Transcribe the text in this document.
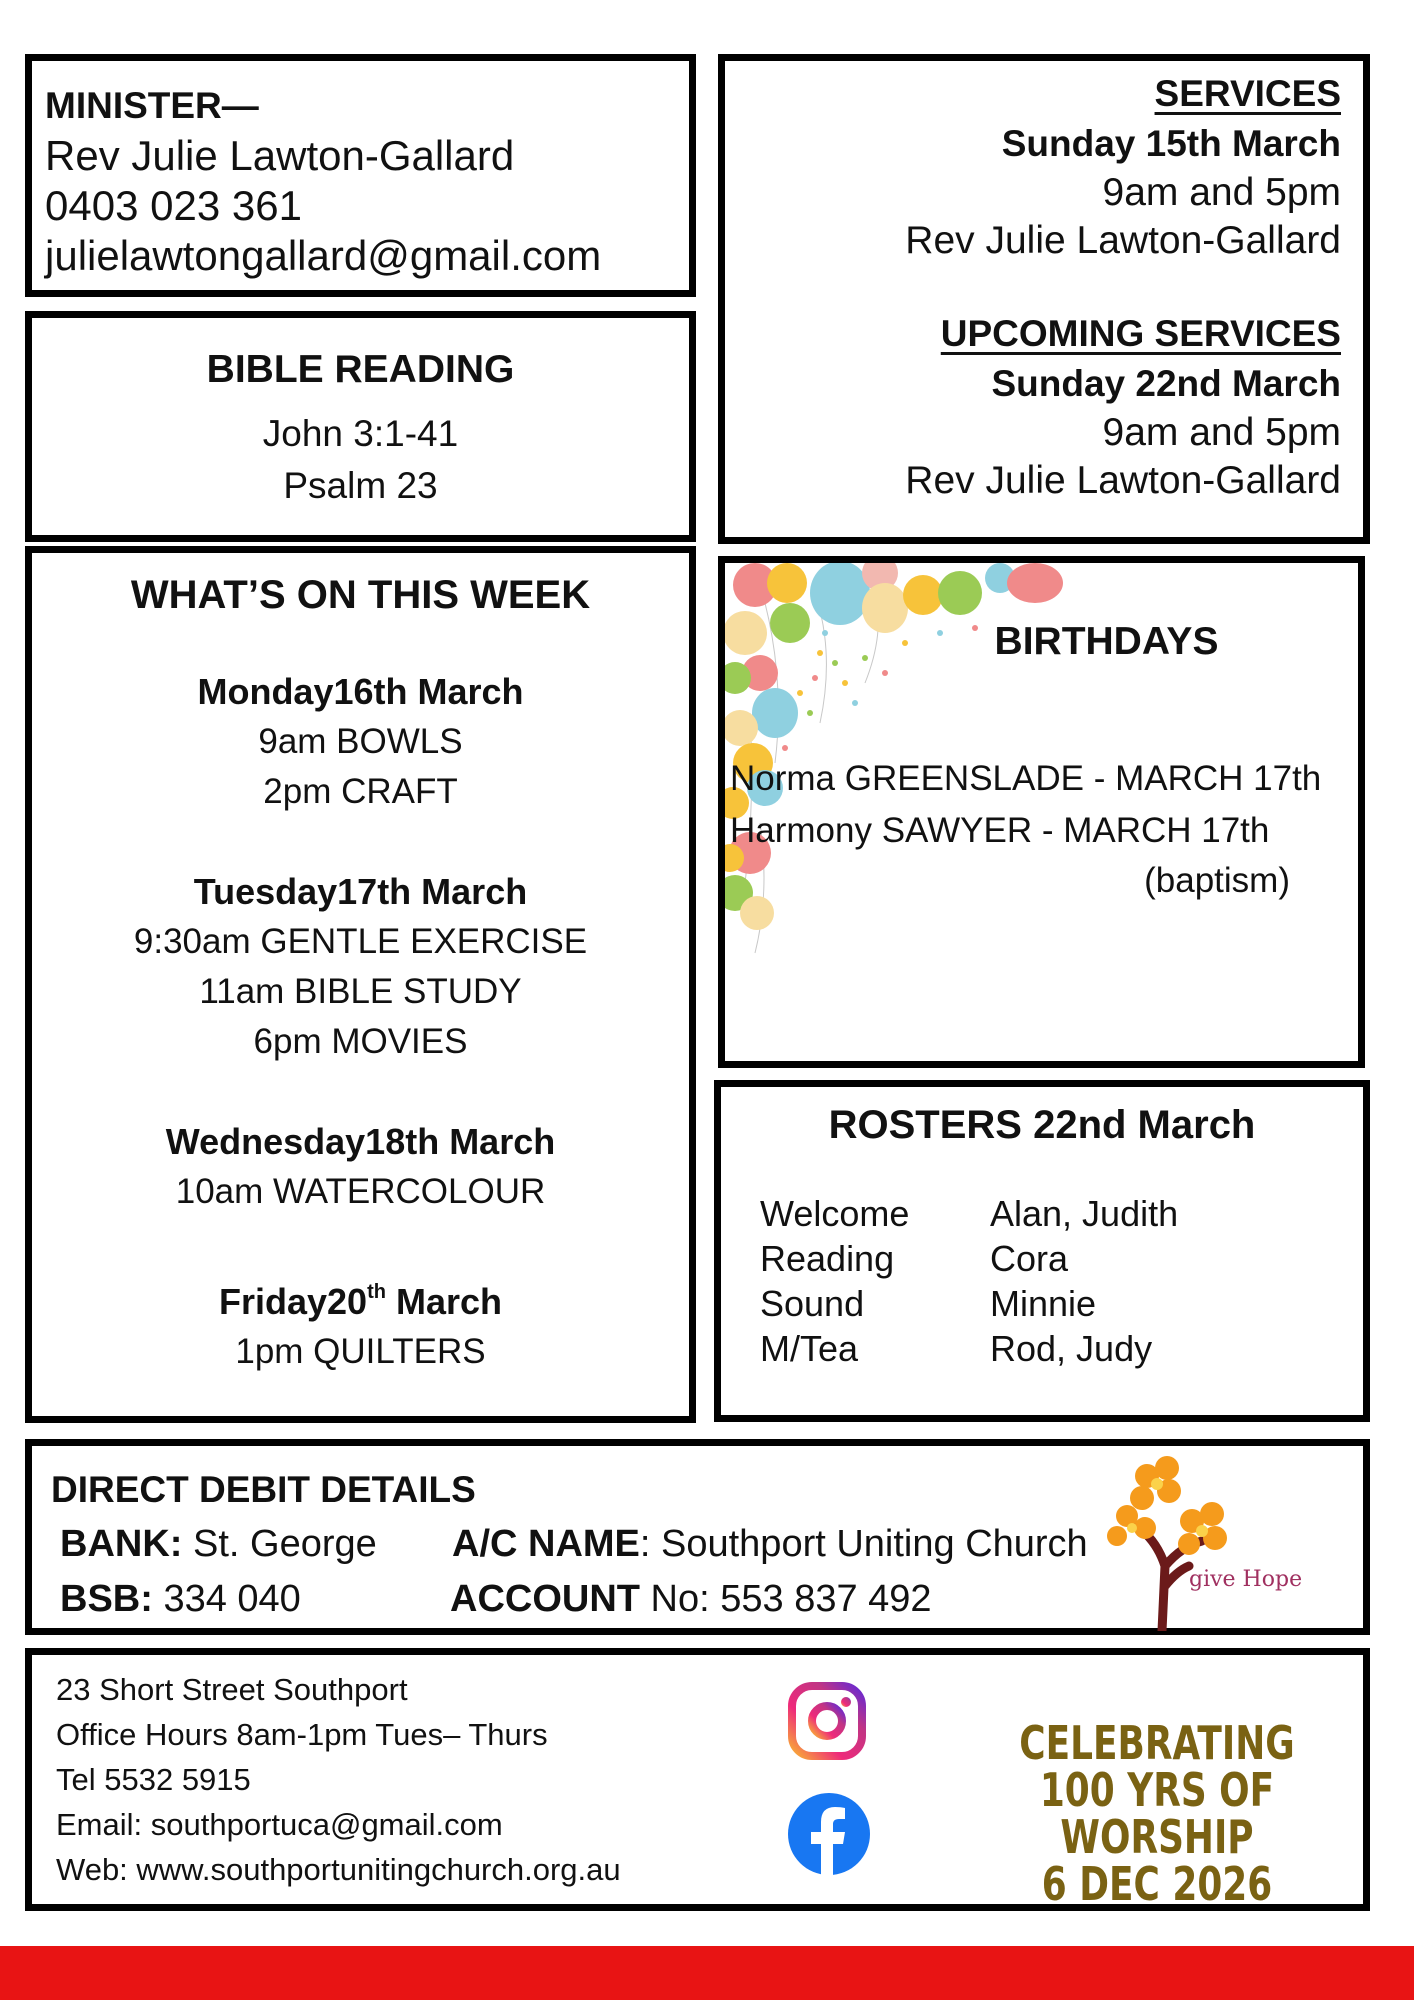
MINISTER—
Rev Julie Lawton-Gallard
0403 023 361
julielawtongallard@gmail.com
SERVICES
Sunday 15th March
9am and 5pm
Rev Julie Lawton-Gallard
UPCOMING SERVICES
Sunday 22nd March
9am and 5pm
Rev Julie Lawton-Gallard
BIBLE READING
John 3:1-41
Psalm 23
WHAT’S ON THIS WEEK
Monday16th March
9am BOWLS
2pm CRAFT
Tuesday17th March
9:30am GENTLE EXERCISE
11am BIBLE STUDY
6pm MOVIES
Wednesday18th March
10am WATERCOLOUR
Friday20th March
1pm QUILTERS
BIRTHDAYS
Norma GREENSLADE - MARCH 17th
Harmony SAWYER - MARCH 17th
(baptism)
ROSTERS 22nd March
Welcome Alan, Judith
Reading	Cora
Sound	Minnie
M/Tea	Rod, Judy
DIRECT DEBIT DETAILS
BANK: St. George A/C NAME: Southport Uniting Church
BSB: 334 040	ACCOUNT No: 553 837 492	give Hope
23 Short Street Southport
Office Hours 8am-1pm Tues– Thurs
Tel 5532 5915
Email: southportuca@gmail.com
Web: www.southportunitingchurch.org.au
CELEBRATING
100 YRS OF WORSHIP
6 DEC 2026
